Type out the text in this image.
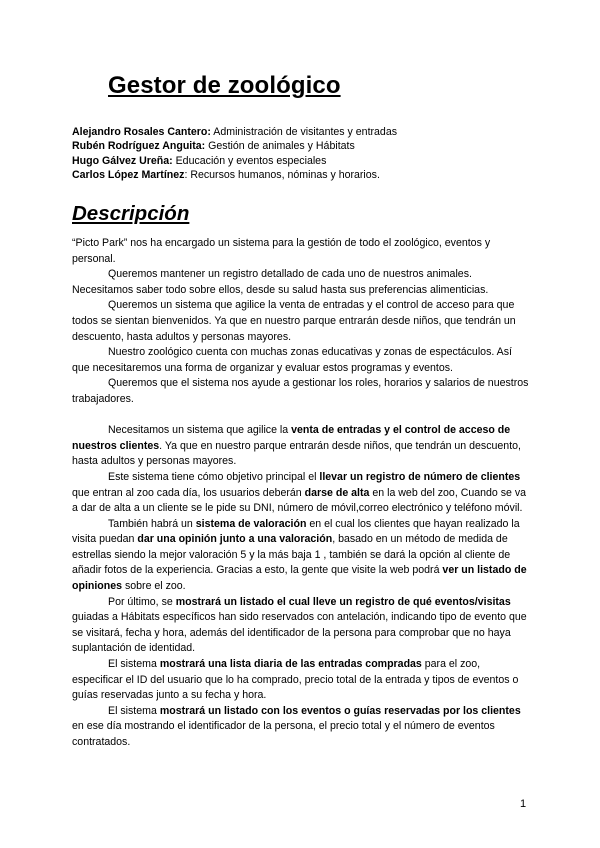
Gestor de zoológico
Alejandro Rosales Cantero: Administración de visitantes y entradas
Rubén Rodríguez Anguita: Gestión de animales y Hábitats
Hugo Gálvez Ureña: Educación y eventos especiales
Carlos López Martínez: Recursos humanos, nóminas y horarios.
Descripción

“Picto Park” nos ha encargado un sistema para la gestión de todo el zoológico, eventos y personal.

Queremos mantener un registro detallado de cada uno de nuestros animales. Necesitamos saber todo sobre ellos, desde su salud hasta sus preferencias alimenticias.

Queremos un sistema que agilice la venta de entradas y el control de acceso para que todos se sientan bienvenidos. Ya que en nuestro parque entrarán desde niños, que tendrán un descuento, hasta adultos y personas mayores.

Nuestro zoológico cuenta con muchas zonas educativas y zonas de espectáculos. Así que necesitaremos una forma de organizar y evaluar estos programas y eventos.

Queremos que el sistema nos ayude a gestionar los roles, horarios y salarios de nuestros trabajadores.

Necesitamos un sistema que agilice la venta de entradas y el control de acceso de nuestros clientes. Ya que en nuestro parque entrarán desde niños, que tendrán un descuento, hasta adultos y personas mayores.

Este sistema tiene cómo objetivo principal el llevar un registro de número de clientes que entran al zoo cada día, los usuarios deberán darse de alta en la web del zoo, Cuando se va a dar de alta a un cliente se le pide su DNI, número de móvil,correo electrónico y teléfono móvil.

También habrá un sistema de valoración en el cual los clientes que hayan realizado la visita puedan dar una opinión junto a una valoración, basado en un método de medida de estrellas siendo la mejor valoración 5 y la más baja 1 , también se dará la opción al cliente de añadir fotos de la experiencia. Gracias a esto, la gente que visite la web podrá ver un listado de opiniones sobre el zoo.

Por último, se mostrará un listado el cual lleve un registro de qué eventos/visitas guiadas a Hábitats específicos han sido reservados con antelación, indicando tipo de evento que se visitará, fecha y hora, además del identificador de la persona para comprobar que no haya suplantación de identidad.

El sistema mostrará una lista diaria de las entradas compradas para el zoo, especificar el ID del usuario que lo ha comprado, precio total de la entrada y tipos de eventos o guías reservadas junto a su fecha y hora.

El sistema mostrará un listado con los eventos o guías reservadas por los clientes en ese día mostrando el identificador de la persona, el precio total y el número de eventos contratados.

1
